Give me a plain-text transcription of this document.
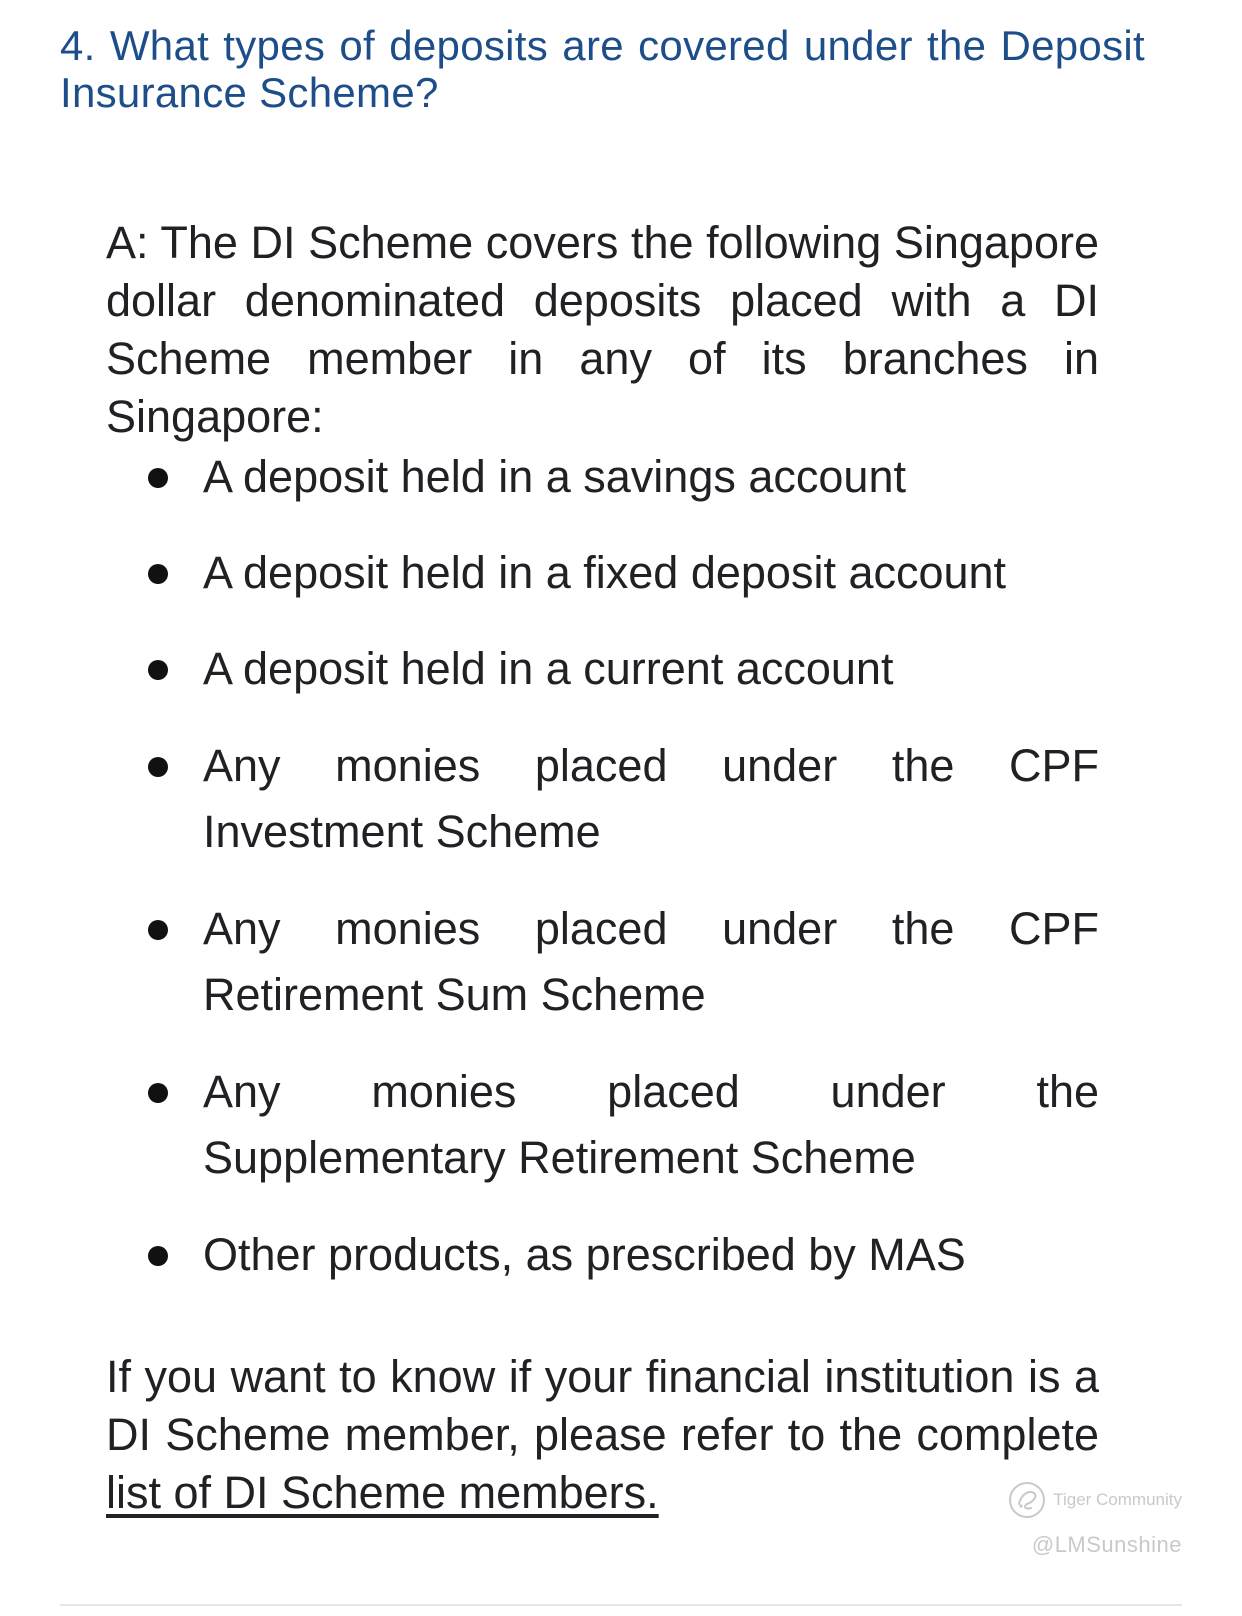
4. What types of deposits are covered under the Deposit Insurance Scheme?

A: The DI Scheme covers the following Singapore dollar denominated deposits placed with a DI Scheme member in any of its branches in Singapore:

A deposit held in a savings account
A deposit held in a fixed deposit account
A deposit held in a current account
Any monies placed under the CPF Investment Scheme
Any monies placed under the CPF Retirement Sum Scheme
Any monies placed under the Supplementary Retirement Scheme
Other products, as prescribed by MAS

If you want to know if your financial institution is a DI Scheme member, please refer to the complete list of DI Scheme members.	Tiger Community
@LMSunshine
